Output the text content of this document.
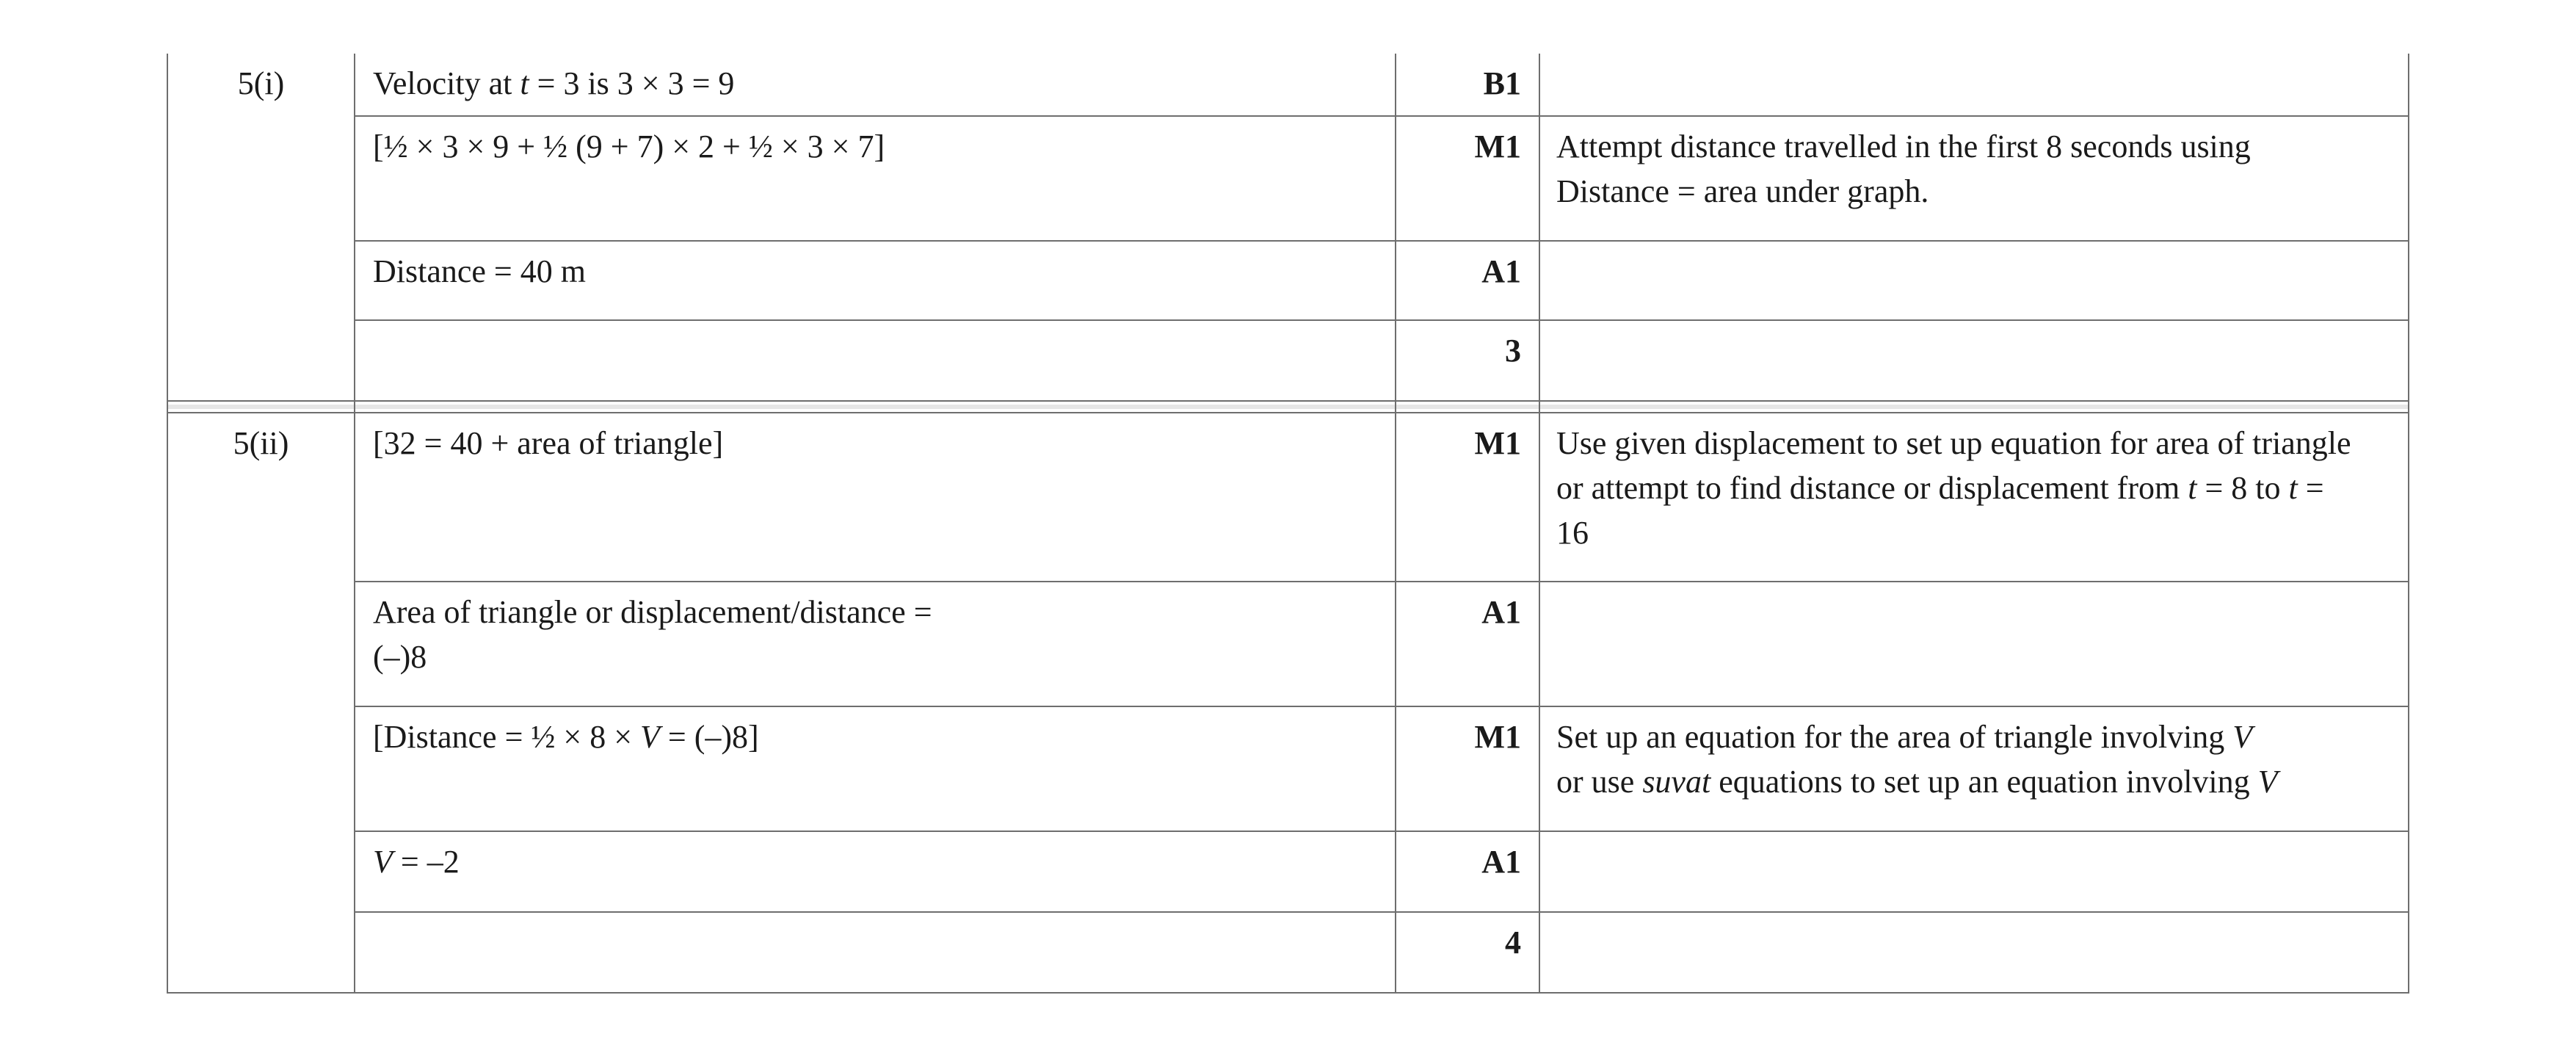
5(i)	Velocity at t = 3 is 3 × 3 = 9	B1	
	[½ × 3 × 9 + ½ (9 + 7) × 2 + ½ × 3 × 7]	M1	Attempt distance travelled in the first 8 seconds using
Distance = area under graph.

	Distance = 40 m	A1	
		3	

5(ii)	[32 = 40 + area of triangle]	M1	Use given displacement to set up equation for area of triangle
or attempt to find distance or displacement from t = 8 to t =
16

	Area of triangle or displacement/distance =
(–)8	A1	
	[Distance = ½ × 8 × V = (–)8]	M1	Set up an equation for the area of triangle involving V
or use suvat equations to set up an equation involving V

	V = –2	A1	
		4	
